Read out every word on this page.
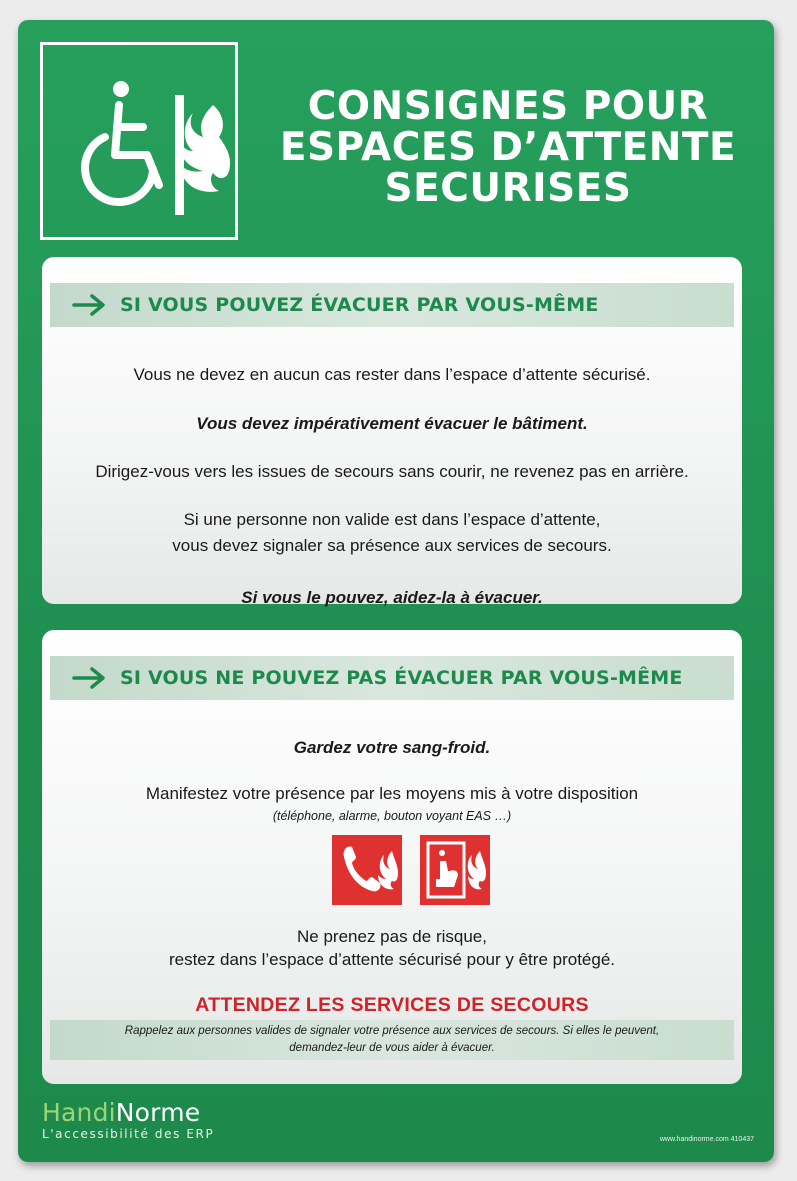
CONSIGNES POUR
ESPACES D’ATTENTE
SECURISES
SI VOUS POUVEZ ÉVACUER PAR VOUS-MÊME
Vous ne devez en aucun cas rester dans l’espace d’attente sécurisé.
Vous devez impérativement évacuer le bâtiment.
Dirigez-vous vers les issues de secours sans courir, ne revenez pas en arrière.
Si une personne non valide est dans l’espace d’attente,
vous devez signaler sa présence aux services de secours.
Si vous le pouvez, aidez-la à évacuer.
SI VOUS NE POUVEZ PAS ÉVACUER PAR VOUS-MÊME
Gardez votre sang-froid.
Manifestez votre présence par les moyens mis à votre disposition
(téléphone, alarme, bouton voyant EAS …)
Ne prenez pas de risque,
restez dans l’espace d’attente sécurisé pour y être protégé.
ATTENDEZ LES SERVICES DE SECOURS
Rappelez aux personnes valides de signaler votre présence aux services de secours. Si elles le peuvent,
demandez-leur de vous aider à évacuer.
HandiNorme
L'accessibilité des ERP	www.handinorme.com 410437
